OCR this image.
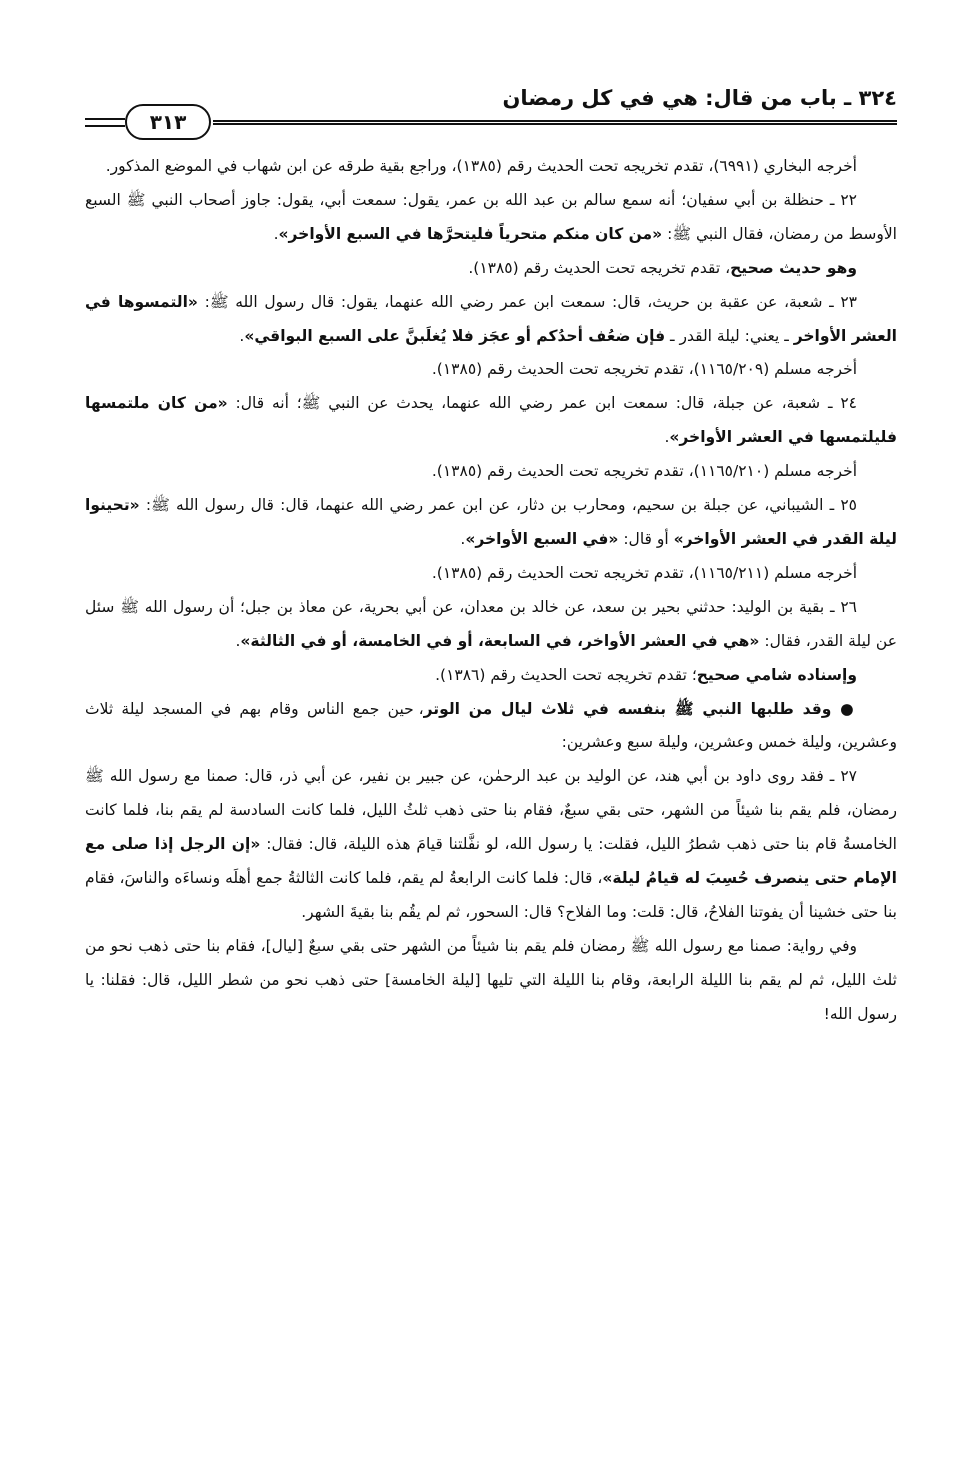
٣٢٤ ـ باب من قال: هي في كل رمضان
٣١٣

أخرجه البخاري (٦٩٩١)، تقدم تخريجه تحت الحديث رقم (١٣٨٥)، وراجع بقية طرقه عن ابن شهاب في الموضع المذكور.

٢٢ ـ حنظلة بن أبي سفيان؛ أنه سمع سالم بن عبد الله بن عمر، يقول: سمعت أبي، يقول: جاوز أصحاب النبي ﷺ السبع الأوسط من رمضان، فقال النبي ﷺ: «من كان منكم متحرياً فليتحرَّها في السبع الأواخر».

وهو حديث صحيح، تقدم تخريجه تحت الحديث رقم (١٣٨٥).

٢٣ ـ شعبة، عن عقبة بن حريث، قال: سمعت ابن عمر رضي الله عنهما، يقول: قال رسول الله ﷺ: «التمسوها في العشر الأواخر ـ يعني: ليلة القدر ـ فإن ضعُف أحدُكم أو عجَز فلا يُغلَبنَّ على السبع البواقي».

أخرجه مسلم (١١٦٥/٢٠٩)، تقدم تخريجه تحت الحديث رقم (١٣٨٥).

٢٤ ـ شعبة، عن جبلة، قال: سمعت ابن عمر رضي الله عنهما، يحدث عن النبي ﷺ؛ أنه قال: «من كان ملتمسها فليلتمسها في العشر الأواخر».

أخرجه مسلم (١١٦٥/٢١٠)، تقدم تخريجه تحت الحديث رقم (١٣٨٥).

٢٥ ـ الشيباني، عن جبلة بن سحيم، ومحارب بن دثار، عن ابن عمر رضي الله عنهما، قال: قال رسول الله ﷺ: «تحينوا ليلة القدر في العشر الأواخر» أو قال: «في السبع الأواخر».

أخرجه مسلم (١١٦٥/٢١١)، تقدم تخريجه تحت الحديث رقم (١٣٨٥).

٢٦ ـ بقية بن الوليد: حدثني بحير بن سعد، عن خالد بن معدان، عن أبي بحرية، عن معاذ بن جبل؛ أن رسول الله ﷺ سئل عن ليلة القدر، فقال: «هي في العشر الأواخر، في السابعة، أو في الخامسة، أو في الثالثة».

وإسناده شامي صحيح؛ تقدم تخريجه تحت الحديث رقم (١٣٨٦).

● وقد طلبها النبي ﷺ بنفسه في ثلاث ليال من الوتر، حين جمع الناس وقام بهم في المسجد ليلة ثلاث وعشرين، وليلة خمس وعشرين، وليلة سبع وعشرين:

٢٧ ـ فقد روى داود بن أبي هند، عن الوليد بن عبد الرحمٰن، عن جبير بن نفير، عن أبي ذر، قال: صمنا مع رسول الله ﷺ رمضان، فلم يقم بنا شيئاً من الشهر، حتى بقي سبعٌ، فقام بنا حتى ذهب ثلثُ الليل، فلما كانت السادسة لم يقم بنا، فلما كانت الخامسةُ قام بنا حتى ذهب شطرُ الليل، فقلت: يا رسول الله، لو نفَّلتنا قيامَ هذه الليلة، قال: فقال: «إن الرجل إذا صلى مع الإمام حتى ينصرف حُسِبَ له قيامُ ليلة»، قال: فلما كانت الرابعةُ لم يقم، فلما كانت الثالثةُ جمع أهلَه ونساءَه والناسَ، فقام بنا حتى خشينا أن يفوتنا الفلاحُ، قال: قلت: وما الفلاح؟ قال: السحور، ثم لم يقُم بنا بقيةَ الشهر.

وفي رواية: صمنا مع رسول الله ﷺ رمضان فلم يقم بنا شيئاً من الشهر حتى بقي سبعٌ [ليال]، فقام بنا حتى ذهب نحو من ثلث الليل، ثم لم يقم بنا الليلة الرابعة، وقام بنا الليلة التي تليها [ليلة الخامسة] حتى ذهب نحو من شطر الليل، قال: فقلنا: يا رسول الله!
